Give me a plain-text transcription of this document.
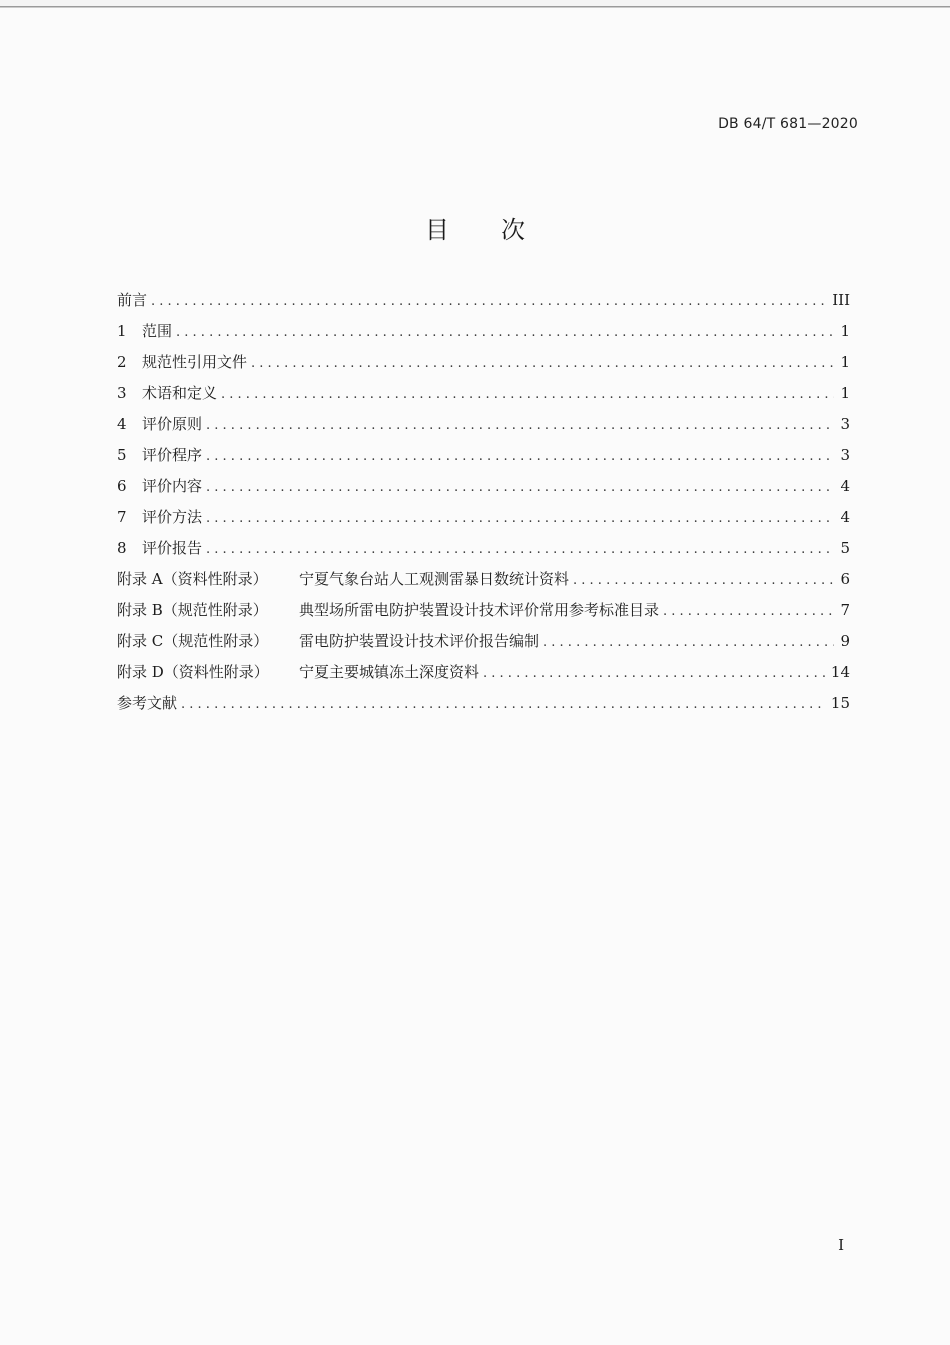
DB 64/T 681—2020
目次
前言 . . .	III
1	范围 . . .	1
2	规范性引用文件 . . .	1
3	术语和定义 . . .	1
4	评价原则 . . .	3
5	评价程序 . . .	3
6	评价内容 . . .	4
7	评价方法 . . .	4
8	评价报告 . . .	5
附录 A（资料性附录）	宁夏气象台站人工观测雷暴日数统计资料 . . .	6
附录 B（规范性附录）	典型场所雷电防护装置设计技术评价常用参考标准目录 . . .	7
附录 C（规范性附录）	雷电防护装置设计技术评价报告编制 . . .	9
附录 D（资料性附录）	宁夏主要城镇冻土深度资料 . . .	14
参考文献 . . .	15
I
